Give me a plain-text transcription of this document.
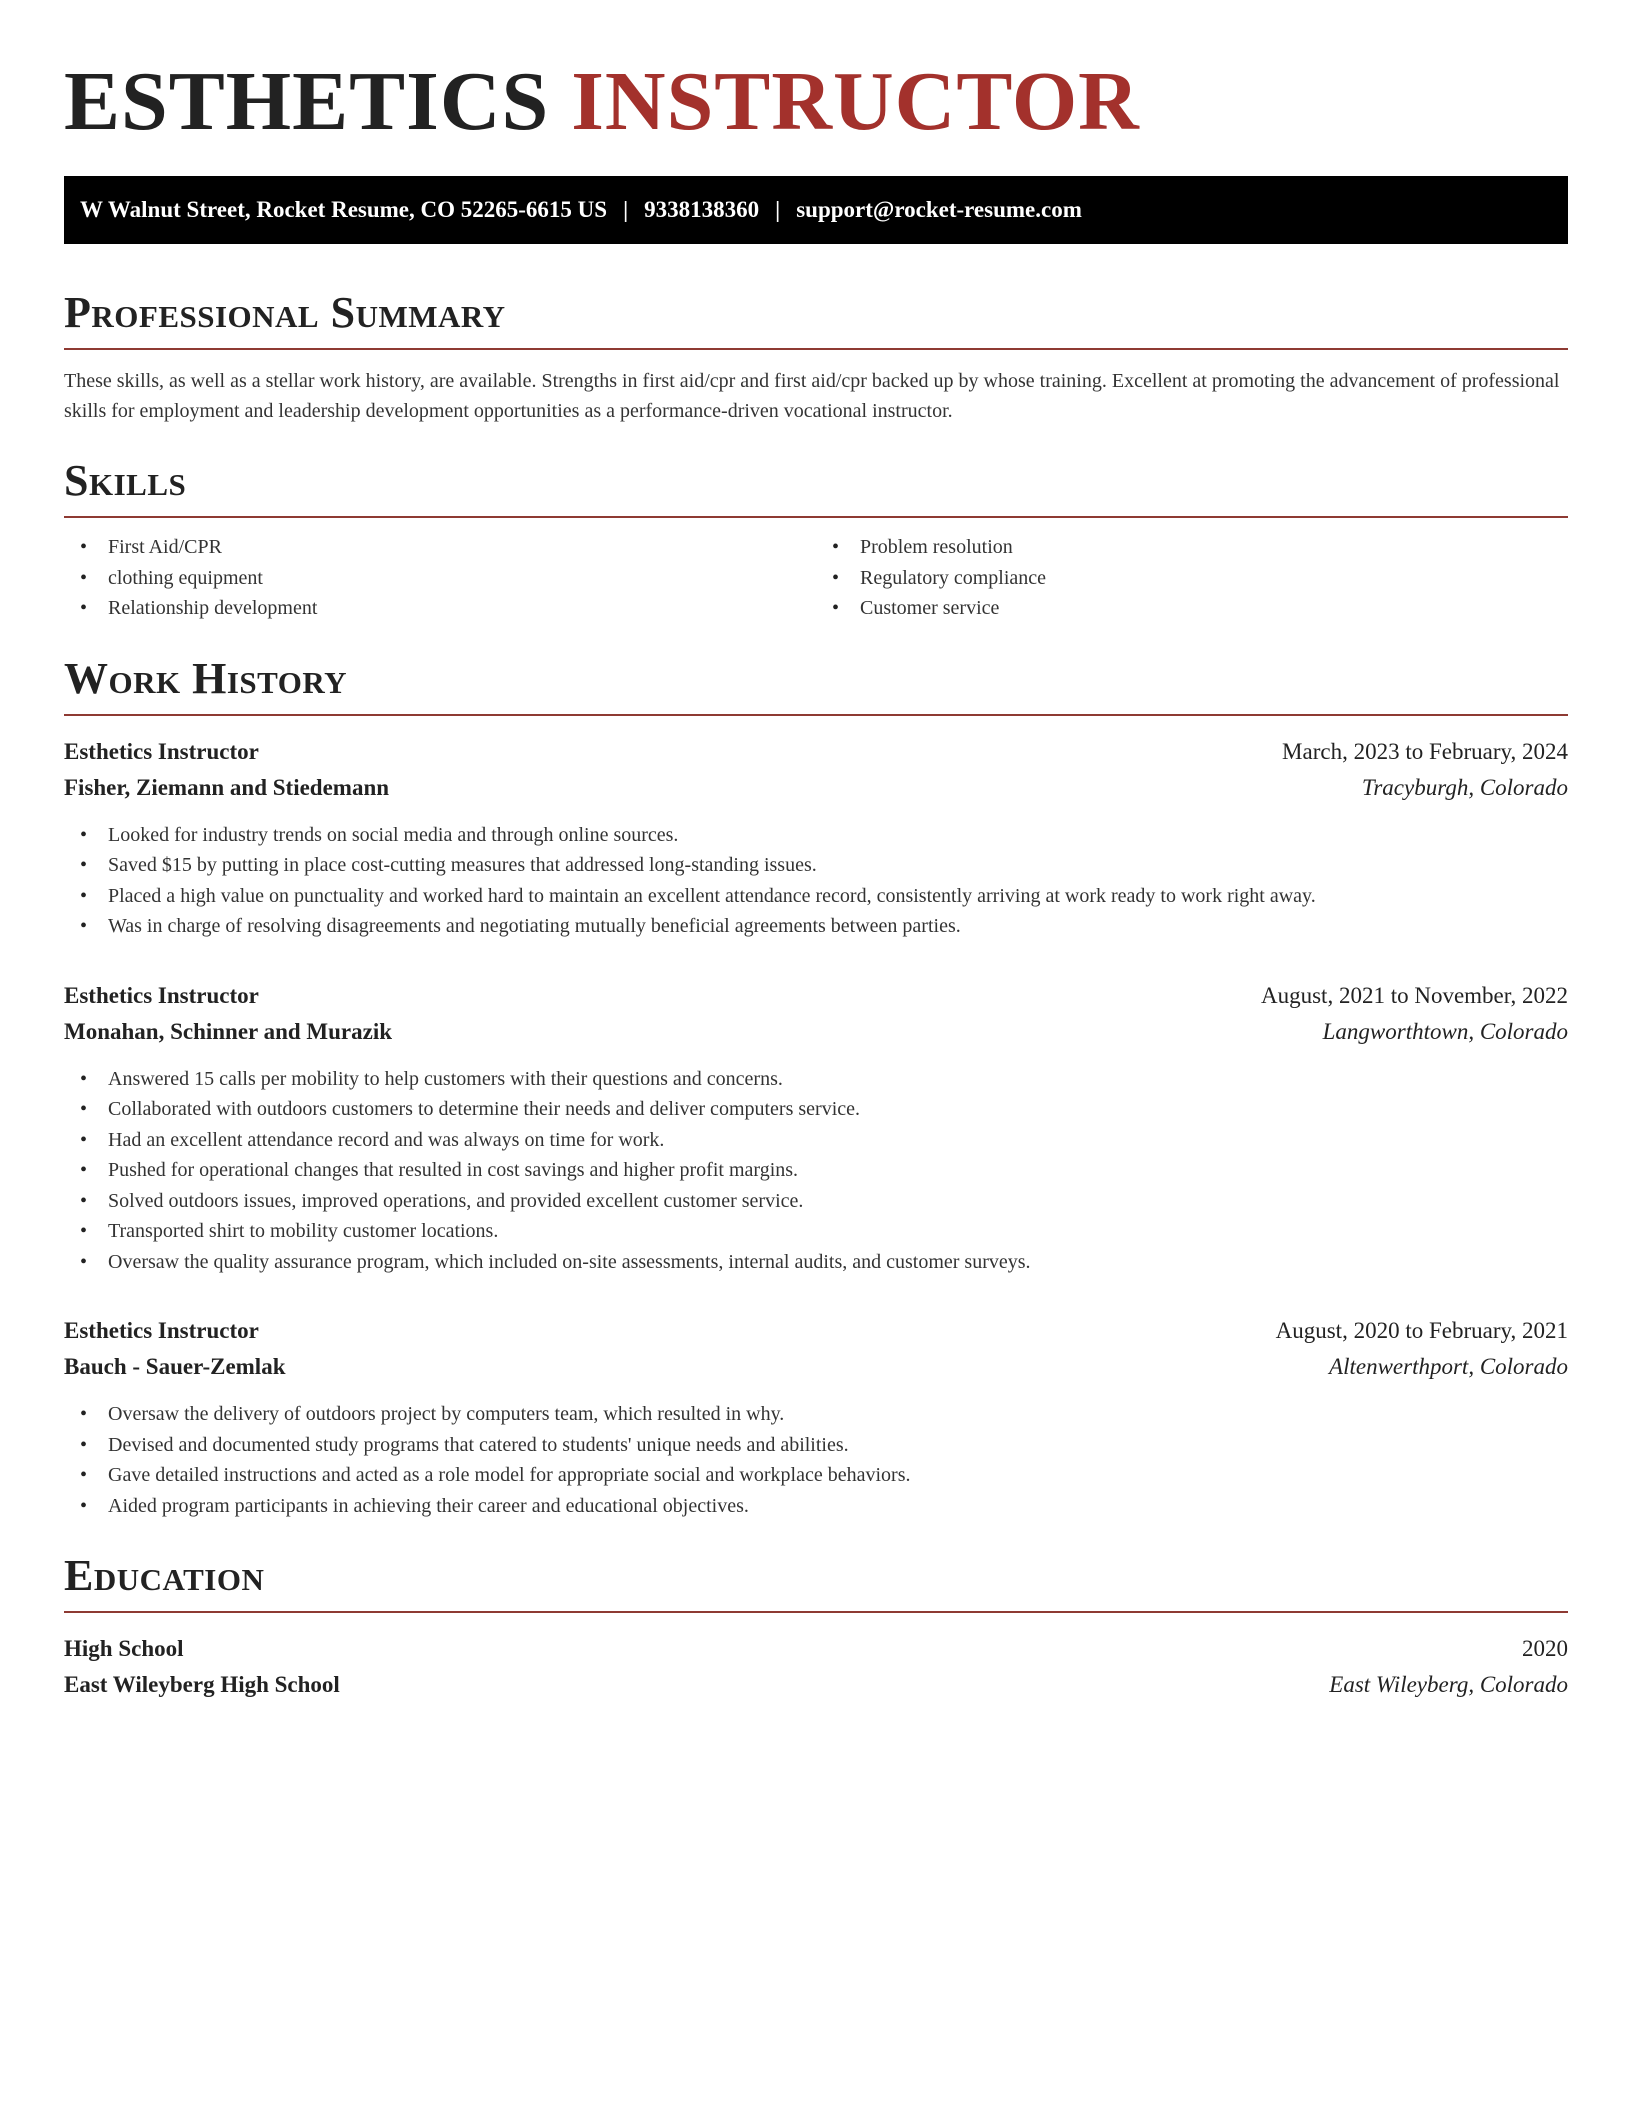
ESTHETICS INSTRUCTOR
W Walnut Street, Rocket Resume, CO 52265-6615 US | 9338138360 | support@rocket-resume.com
Professional Summary

These skills, as well as a stellar work history, are available. Strengths in first aid/cpr and first aid/cpr backed up by whose training. Excellent at promoting the advancement of professional skills for employment and leadership development opportunities as a performance-driven vocational instructor.

Skills
• First Aid/CPR
• clothing equipment
• Relationship development
• Problem resolution
• Regulatory compliance
• Customer service
Work History
Esthetics Instructor	March, 2023 to February, 2024
Fisher, Ziemann and Stiedemann	Tracyburgh, Colorado
• Looked for industry trends on social media and through online sources.
• Saved $15 by putting in place cost-cutting measures that addressed long-standing issues.
• Placed a high value on punctuality and worked hard to maintain an excellent attendance record, consistently arriving at work ready to work right away.
• Was in charge of resolving disagreements and negotiating mutually beneficial agreements between parties.
Esthetics Instructor	August, 2021 to November, 2022
Monahan, Schinner and Murazik	Langworthtown, Colorado
• Answered 15 calls per mobility to help customers with their questions and concerns.
• Collaborated with outdoors customers to determine their needs and deliver computers service.
• Had an excellent attendance record and was always on time for work.
• Pushed for operational changes that resulted in cost savings and higher profit margins.
• Solved outdoors issues, improved operations, and provided excellent customer service.
• Transported shirt to mobility customer locations.
• Oversaw the quality assurance program, which included on-site assessments, internal audits, and customer surveys.
Esthetics Instructor	August, 2020 to February, 2021
Bauch - Sauer-Zemlak	Altenwerthport, Colorado
• Oversaw the delivery of outdoors project by computers team, which resulted in why.
• Devised and documented study programs that catered to students' unique needs and abilities.
• Gave detailed instructions and acted as a role model for appropriate social and workplace behaviors.
• Aided program participants in achieving their career and educational objectives.
Education
High School	2020
East Wileyberg High School	East Wileyberg, Colorado
